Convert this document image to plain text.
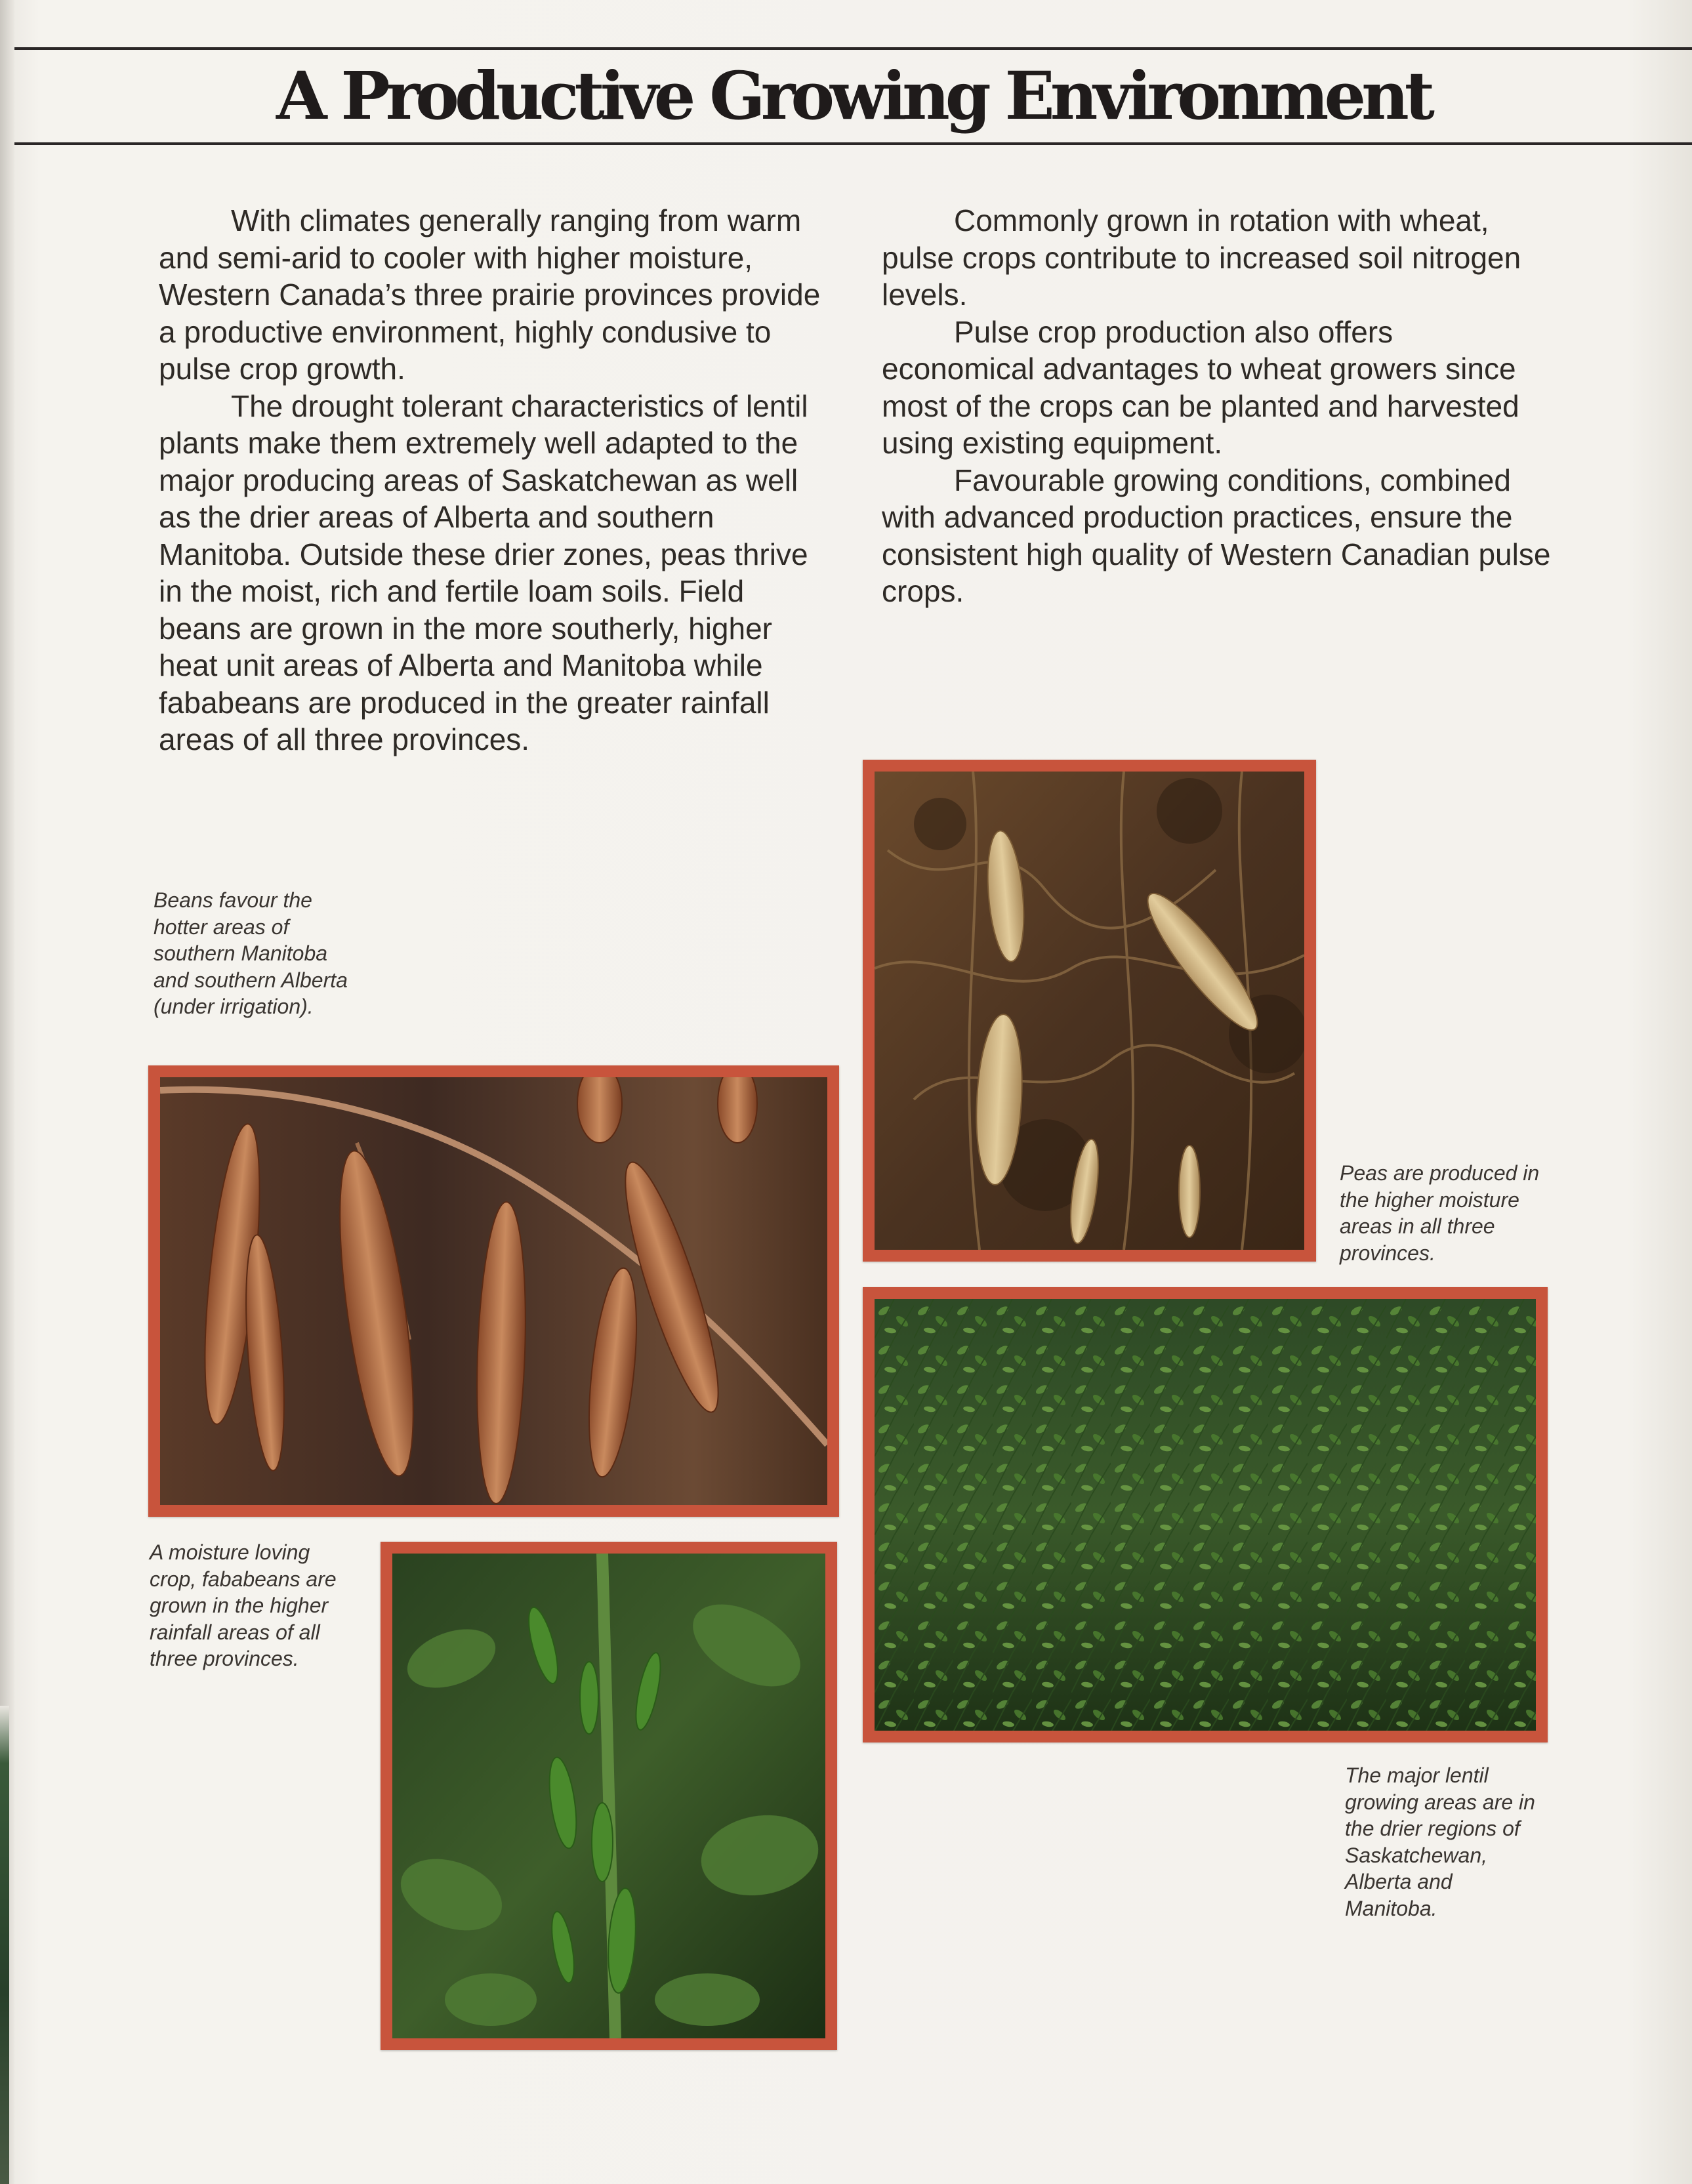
A Productive Growing Environment

With climates generally ranging from warm and semi-arid to cooler with higher moisture, Western Canada’s three prairie provinces provide a productive environment, highly condusive to pulse crop growth.

The drought tolerant characteristics of lentil plants make them extremely well adapted to the major producing areas of Saskatchewan as well as the drier areas of Alberta and southern Manitoba. Outside these drier zones, peas thrive in the moist, rich and fertile loam soils. Field beans are grown in the more southerly, higher heat unit areas of Alberta and Manitoba while fababeans are produced in the greater rainfall areas of all three provinces.

Commonly grown in rotation with wheat, pulse crops contribute to increased soil nitrogen levels.

Pulse crop production also offers economical advantages to wheat growers since most of the crops can be planted and harvested using existing equipment.

Favourable growing conditions, combined with advanced production practices, ensure the consistent high quality of Western Canadian pulse crops.

Beans favour the hotter areas of southern Manitoba and southern Alberta (under irrigation).

Peas are produced in the higher moisture areas in all three provinces.

A moisture loving crop, fababeans are grown in the higher rainfall areas of all three provinces.

The major lentil growing areas are in the drier regions of Saskatchewan, Alberta and Manitoba.
